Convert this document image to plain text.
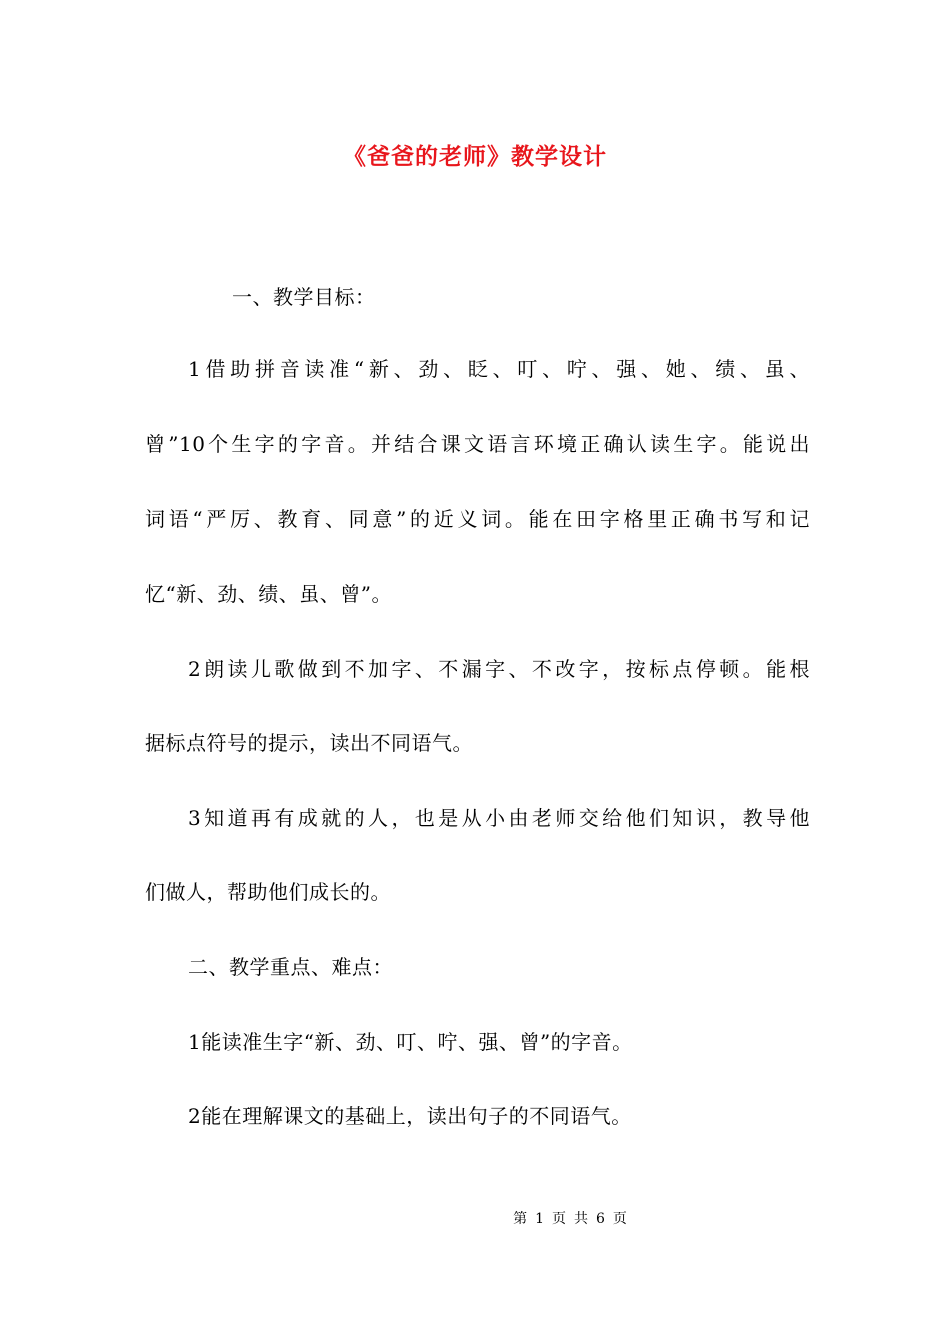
《爸爸的老师》教学设计
一、教学目标：
1借助拼音读准“新、劲、眨、叮、咛、强、她、绩、虽、
曾”10个生字的字音。并结合课文语言环境正确认读生字。能说出
词语“严厉、教育、同意”的近义词。能在田字格里正确书写和记
忆“新、劲、绩、虽、曾”。
2朗读儿歌做到不加字、不漏字、不改字，按标点停顿。能根
据标点符号的提示，读出不同语气。
3知道再有成就的人，也是从小由老师交给他们知识，教导他
们做人，帮助他们成长的。
二、教学重点、难点：
1能读准生字“新、劲、叮、咛、强、曾”的字音。
2能在理解课文的基础上，读出句子的不同语气。
第 1 页 共 6 页
